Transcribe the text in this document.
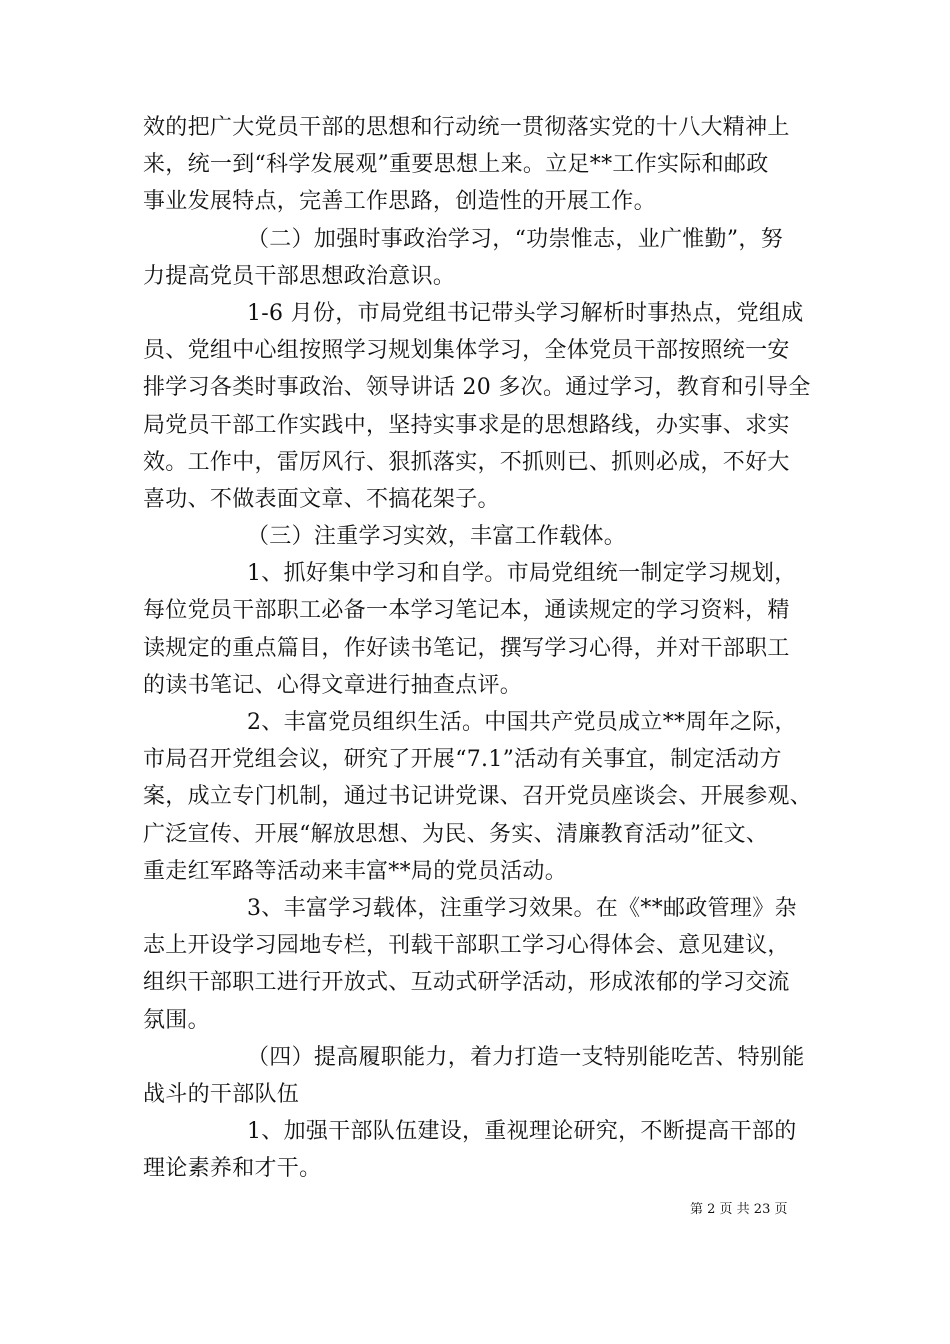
效的把广大党员干部的思想和行动统一贯彻落实党的十八大精神上
来，统一到“科学发展观”重要思想上来。立足**工作实际和邮政
事业发展特点，完善工作思路，创造性的开展工作。
（二）加强时事政治学习，“功崇惟志，业广惟勤”，努
力提高党员干部思想政治意识。
1-6 月份，市局党组书记带头学习解析时事热点，党组成
员、党组中心组按照学习规划集体学习，全体党员干部按照统一安
排学习各类时事政治、领导讲话 20 多次。通过学习，教育和引导全
局党员干部工作实践中，坚持实事求是的思想路线，办实事、求实
效。工作中，雷厉风行、狠抓落实，不抓则已、抓则必成，不好大
喜功、不做表面文章、不搞花架子。
（三）注重学习实效，丰富工作载体。
1、抓好集中学习和自学。市局党组统一制定学习规划，
每位党员干部职工必备一本学习笔记本，通读规定的学习资料，精
读规定的重点篇目，作好读书笔记，撰写学习心得，并对干部职工
的读书笔记、心得文章进行抽查点评。
2、丰富党员组织生活。中国共产党员成立**周年之际，
市局召开党组会议，研究了开展“7.1”活动有关事宜，制定活动方
案，成立专门机制，通过书记讲党课、召开党员座谈会、开展参观、
广泛宣传、开展“解放思想、为民、务实、清廉教育活动”征文、
重走红军路等活动来丰富**局的党员活动。
3、丰富学习载体，注重学习效果。在《**邮政管理》杂
志上开设学习园地专栏，刊载干部职工学习心得体会、意见建议，
组织干部职工进行开放式、互动式研学活动，形成浓郁的学习交流
氛围。
（四）提高履职能力，着力打造一支特别能吃苦、特别能
战斗的干部队伍
1、加强干部队伍建设，重视理论研究，不断提高干部的
理论素养和才干。
第 2 页 共 23 页
